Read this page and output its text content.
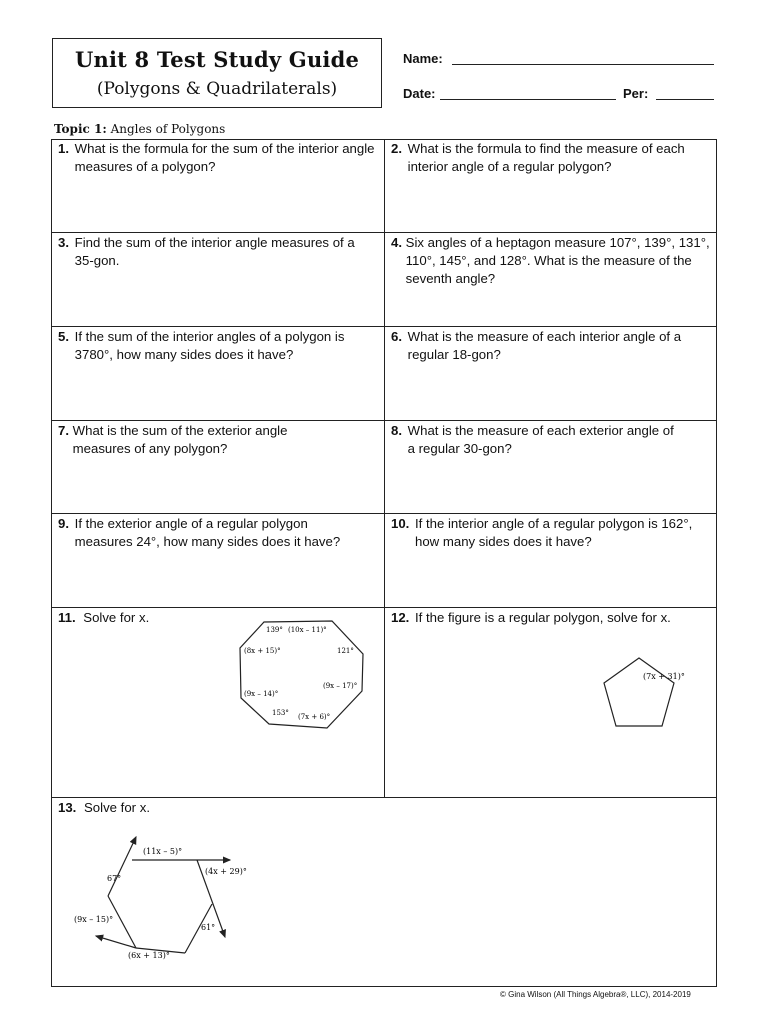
Unit 8 Test Study Guide
(Polygons & Quadrilaterals)
Name:
Date:	Per:
Topic 1: Angles of Polygons
1. What is the formula for the sum of the interior angle measures of a polygon?
2. What is the formula to find the measure of each interior angle of a regular polygon?
3. Find the sum of the interior angle measures of a 35-gon.
4. Six angles of a heptagon measure 107°, 139°, 131°, 110°, 145°, and 128°. What is the measure of the seventh angle?
5. If the sum of the interior angles of a polygon is 3780°, how many sides does it have?
6. What is the measure of each interior angle of a regular 18-gon?
7. What is the sum of the exterior angle measures of any polygon?
8. What is the measure of each exterior angle of a regular 30-gon?
9. If the exterior angle of a regular polygon measures 24°, how many sides does it have?
10. If the interior angle of a regular polygon is 162°, how many sides does it have?
11. Solve for x.	12. If the figure is a regular polygon, solve for x.
13. Solve for x.
139° (10x – 11)°
(8x + 15)°	121°
(9x – 17)°
(9x – 14)°
153° (7x + 6)°
(7x + 31)°
(11x – 5)°
67°
(4x + 29)°
(9x – 15)°
61°
(6x + 13)°
© Gina Wilson (All Things Algebra®, LLC), 2014-2019
